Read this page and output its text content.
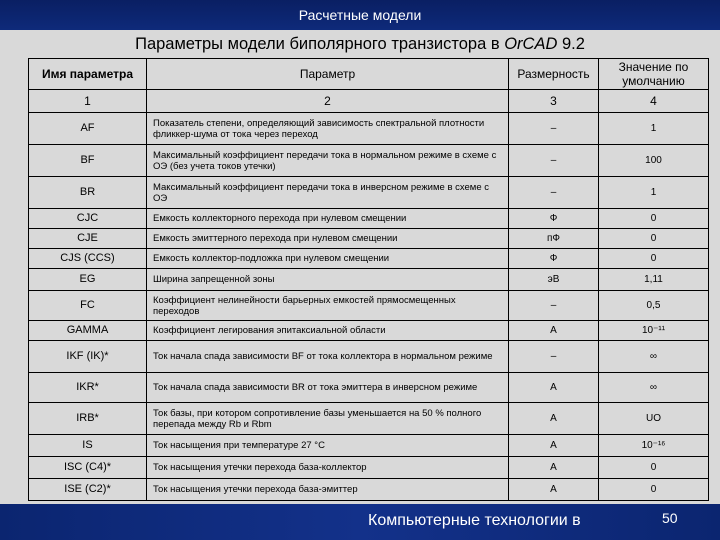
Расчетные модели
Параметры модели биполярного транзистора в OrCAD 9.2
Имя параметра	Параметр	Размерность	Значение по умолчанию
1	2	3	4
AF	Показатель степени, определяющий зависимость спектральной плотности фликкер-шума от тока через переход	–	1
BF	Максимальный коэффициент передачи тока в нормальном режиме в схеме с ОЭ (без учета токов утечки)	–	100
BR	Максимальный коэффициент передачи тока в инверсном режиме в схеме с ОЭ	–	1
CJC	Емкость коллекторного перехода при нулевом смещении	Ф	0
CJE	Емкость эмиттерного перехода при нулевом смещении	пФ	0
CJS (CCS)	Емкость коллектор-подложка при нулевом смещении	Ф	0
EG	Ширина запрещенной зоны	эВ	1,11
FC	Коэффициент нелинейности барьерных емкостей прямосмещенных переходов	–	0,5
GAMMA	Коэффициент легирования эпитаксиальной области	А	10⁻¹¹
IKF (IK)*	Ток начала спада зависимости BF от тока коллектора в нормальном режиме	–	∞
IKR*	Ток начала спада зависимости BR от тока эмиттера в инверсном режиме	А	∞
IRB*	Ток базы, при котором сопротивление базы уменьшается на 50 % полного перепада между Rb и Rbm	А	UO
IS	Ток насыщения при температуре 27 °С	А	10⁻¹⁶
ISC (C4)*	Ток насыщения утечки перехода база-коллектор	А	0
ISE (C2)*	Ток насыщения утечки перехода база-эмиттер	А	0
Компьютерные технологии в	50
